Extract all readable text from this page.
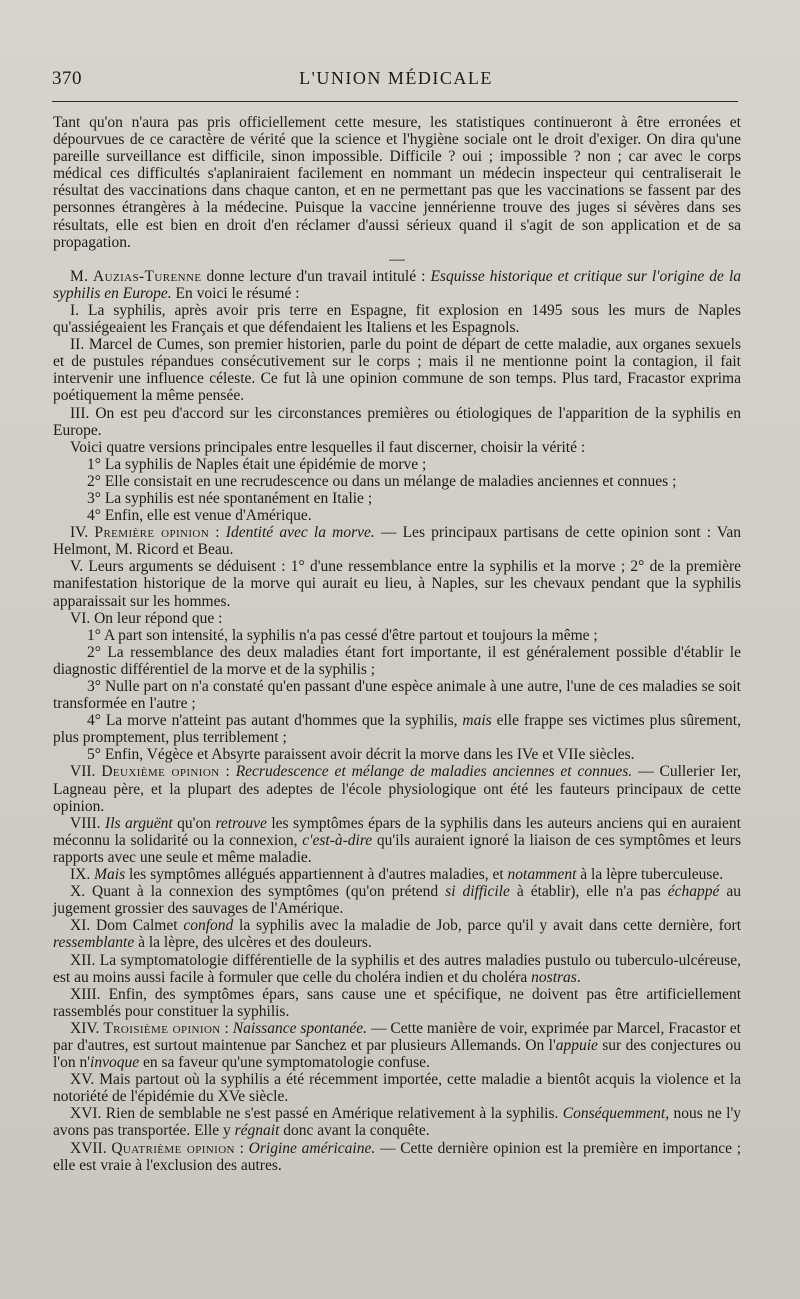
370	L'UNION MÉDICALE

Tant qu'on n'aura pas pris officiellement cette mesure, les statistiques continueront à être erronées et dépourvues de ce caractère de vérité que la science et l'hygiène sociale ont le droit d'exiger. On dira qu'une pareille surveillance est difficile, sinon impossible. Difficile ? oui ; impossible ? non ; car avec le corps médical ces difficultés s'aplaniraient facilement en nommant un médecin inspecteur qui centraliserait le résultat des vaccinations dans chaque canton, et en ne permettant pas que les vaccinations se fassent par des personnes étrangères à la médecine. Puisque la vaccine jennérienne trouve des juges si sévères dans ses résultats, elle est bien en droit d'en réclamer d'aussi sérieux quand il s'agit de son application et de sa propagation.

—

M. Auzias-Turenne donne lecture d'un travail intitulé : Esquisse historique et critique sur l'origine de la syphilis en Europe. En voici le résumé :

I. La syphilis, après avoir pris terre en Espagne, fit explosion en 1495 sous les murs de Naples qu'assiégeaient les Français et que défendaient les Italiens et les Espagnols.

II. Marcel de Cumes, son premier historien, parle du point de départ de cette maladie, aux organes sexuels et de pustules répandues consécutivement sur le corps ; mais il ne mentionne point la contagion, il fait intervenir une influence céleste. Ce fut là une opinion commune de son temps. Plus tard, Fracastor exprima poétiquement la même pensée.

III. On est peu d'accord sur les circonstances premières ou étiologiques de l'apparition de la syphilis en Europe.

Voici quatre versions principales entre lesquelles il faut discerner, choisir la vérité :

1° La syphilis de Naples était une épidémie de morve ;

2° Elle consistait en une recrudescence ou dans un mélange de maladies anciennes et connues ;

3° La syphilis est née spontanément en Italie ;

4° Enfin, elle est venue d'Amérique.

IV. Première opinion : Identité avec la morve. — Les principaux partisans de cette opinion sont : Van Helmont, M. Ricord et Beau.

V. Leurs arguments se déduisent : 1° d'une ressemblance entre la syphilis et la morve ; 2° de la première manifestation historique de la morve qui aurait eu lieu, à Naples, sur les chevaux pendant que la syphilis apparaissait sur les hommes.

VI. On leur répond que :

1° A part son intensité, la syphilis n'a pas cessé d'être partout et toujours la même ;

2° La ressemblance des deux maladies étant fort importante, il est généralement possible d'établir le diagnostic différentiel de la morve et de la syphilis ;

3° Nulle part on n'a constaté qu'en passant d'une espèce animale à une autre, l'une de ces maladies se soit transformée en l'autre ;

4° La morve n'atteint pas autant d'hommes que la syphilis, mais elle frappe ses victimes plus sûrement, plus promptement, plus terriblement ;

5° Enfin, Végèce et Absyrte paraissent avoir décrit la morve dans les IVe et VIIe siècles.

VII. Deuxième opinion : Recrudescence et mélange de maladies anciennes et connues. — Cullerier Ier, Lagneau père, et la plupart des adeptes de l'école physiologique ont été les fauteurs principaux de cette opinion.

VIII. Ils arguënt qu'on retrouve les symptômes épars de la syphilis dans les auteurs anciens qui en auraient méconnu la solidarité ou la connexion, c'est-à-dire qu'ils auraient ignoré la liaison de ces symptômes et leurs rapports avec une seule et même maladie.

IX. Mais les symptômes allégués appartiennent à d'autres maladies, et notamment à la lèpre tuberculeuse.

X. Quant à la connexion des symptômes (qu'on prétend si difficile à établir), elle n'a pas échappé au jugement grossier des sauvages de l'Amérique.

XI. Dom Calmet confond la syphilis avec la maladie de Job, parce qu'il y avait dans cette dernière, fort ressemblante à la lèpre, des ulcères et des douleurs.

XII. La symptomatologie différentielle de la syphilis et des autres maladies pustulo ou tuberculo-ulcéreuse, est au moins aussi facile à formuler que celle du choléra indien et du choléra nostras.

XIII. Enfin, des symptômes épars, sans cause une et spécifique, ne doivent pas être artificiellement rassemblés pour constituer la syphilis.

XIV. Troisième opinion : Naissance spontanée. — Cette manière de voir, exprimée par Marcel, Fracastor et par d'autres, est surtout maintenue par Sanchez et par plusieurs Allemands. On l'appuie sur des conjectures ou l'on n'invoque en sa faveur qu'une symptomatologie confuse.

XV. Mais partout où la syphilis a été récemment importée, cette maladie a bientôt acquis la violence et la notoriété de l'épidémie du XVe siècle.

XVI. Rien de semblable ne s'est passé en Amérique relativement à la syphilis. Conséquemment, nous ne l'y avons pas transportée. Elle y régnait donc avant la conquête.

XVII. Quatrième opinion : Origine américaine. — Cette dernière opinion est la première en importance ; elle est vraie à l'exclusion des autres.
